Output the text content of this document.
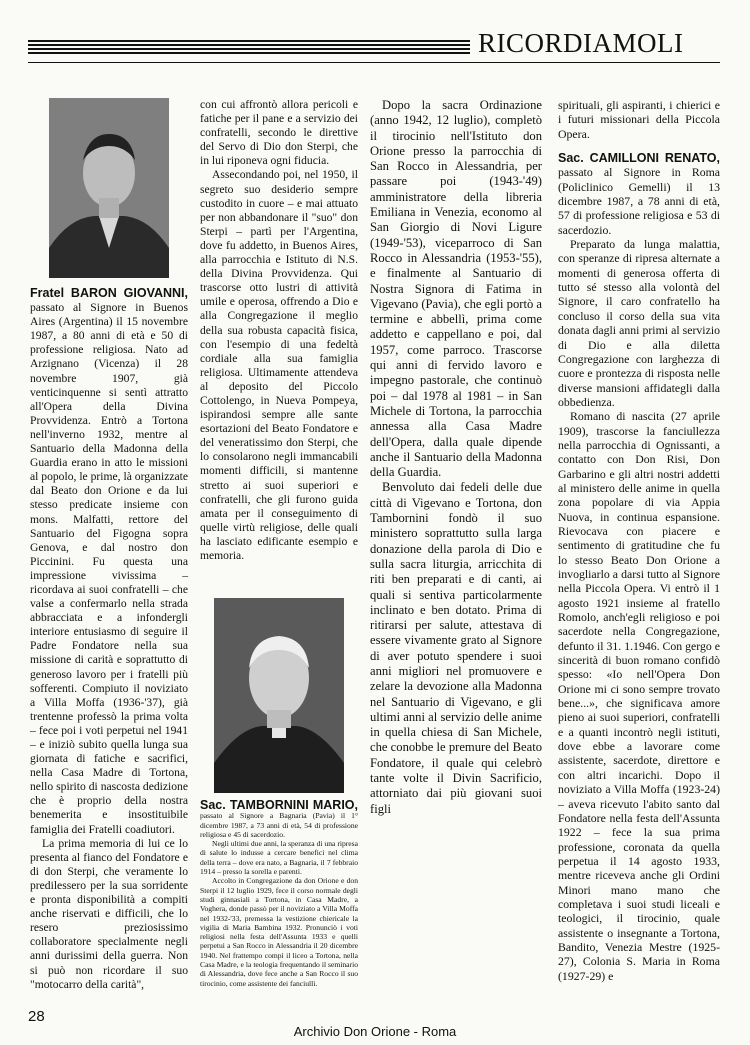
RICORDIAMOLI

Fratel BARON GIOVANNI, passato al Signore in Buenos Aires (Argentina) il 15 novembre 1987, a 80 anni di età e 50 di professione religiosa. Nato ad Arzignano (Vicenza) il 28 novembre 1907, già venticinquenne si sentì attratto all'Opera della Divina Provvidenza. Entrò a Tortona nell'inverno 1932, mentre al Santuario della Madonna della Guardia erano in atto le missioni al popolo, le prime, là organizzate dal Beato don Orione e da lui stesso predicate insieme con mons. Malfatti, rettore del Santuario del Figogna sopra Genova, e dal nostro don Piccinini. Fu questa una impressione vivissima – ricordava ai suoi confratelli – che valse a confermarlo nella strada abbracciata e a infondergli interiore entusiasmo di seguire il Padre Fondatore nella sua missione di carità e soprattutto di generoso lavoro per i fratelli più sofferenti. Compiuto il noviziato a Villa Moffa (1936-'37), già trentenne professò la prima volta – fece poi i voti perpetui nel 1941 – e iniziò subito quella lunga sua giornata di fatiche e sacrifici, nella Casa Madre di Tortona, nello spirito di nascosta dedizione che è proprio della nostra benemerita e insostituibile famiglia dei Fratelli coadiutori.

La prima memoria di lui ce lo presenta al fianco del Fondatore e di don Sterpi, che veramente lo predilessero per la sua sorridente e pronta disponibilità a compiti anche riservati e difficili, che lo resero preziosissimo collaboratore specialmente negli anni durissimi della guerra. Non si può non ricordare il suo "motocarro della carità",

con cui affrontò allora pericoli e fatiche per il pane e a servizio dei confratelli, secondo le direttive del Servo di Dio don Sterpi, che in lui riponeva ogni fiducia.

Assecondando poi, nel 1950, il segreto suo desiderio sempre custodito in cuore – e mai attuato per non abbandonare il "suo" don Sterpi – partì per l'Argentina, dove fu addetto, in Buenos Aires, alla parrocchia e Istituto di N.S. della Divina Provvidenza. Qui trascorse otto lustri di attività umile e operosa, offrendo a Dio e alla Congregazione il meglio della sua robusta capacità fisica, con l'esempio di una fedeltà cordiale alla sua famiglia religiosa. Ultimamente attendeva al deposito del Piccolo Cottolengo, in Nueva Pompeya, ispirandosi sempre alle sante esortazioni del Beato Fondatore e del veneratissimo don Sterpi, che lo consolarono negli immancabili momenti difficili, si mantenne stretto ai suoi superiori e confratelli, che gli furono guida amata per il conseguimento di quelle virtù religiose, delle quali ha lasciato edificante esempio e memoria.

Sac. TAMBORNINI MARIO, passato al Signore a Bagnaria (Pavia) il 1° dicembre 1987, a 73 anni di età, 54 di professione religiosa e 45 di sacerdozio.

Negli ultimi due anni, la speranza di una ripresa di salute lo indusse a cercare benefici nel clima della terra – dove era nato, a Bagnaria, il 7 febbraio 1914 – presso la sorella e parenti.

Accolto in Congregazione da don Orione e don Sterpi il 12 luglio 1929, fece il corso normale degli studi ginnasiali a Tortona, in Casa Madre, a Voghera, donde passò per il noviziato a Villa Moffa nel 1932-'33, premessa la vestizione chiericale la vigilia di Maria Bambina 1932. Pronunciò i voti religiosi nella festa dell'Assunta 1933 e quelli perpetui a San Rocco in Alessandria il 20 dicembre 1940. Nel frattempo compì il liceo a Tortona, nella Casa Madre, e la teologia frequentando il seminario di Alessandria, dove fece anche a San Rocco il suo tirocinio, come assistente dei fanciulli.

Dopo la sacra Ordinazione (anno 1942, 12 luglio), completò il tirocinio nell'Istituto don Orione presso la parrocchia di San Rocco in Alessandria, per passare poi (1943-'49) amministratore della libreria Emiliana in Venezia, economo al San Giorgio di Novi Ligure (1949-'53), viceparroco di San Rocco in Alessandria (1953-'55), e finalmente al Santuario di Nostra Signora di Fatima in Vigevano (Pavia), che egli portò a termine e abbellì, prima come addetto e cappellano e poi, dal 1957, come parroco. Trascorse qui anni di fervido lavoro e impegno pastorale, che continuò poi – dal 1978 al 1981 – in San Michele di Tortona, la parrocchia annessa alla Casa Madre dell'Opera, dalla quale dipende anche il Santuario della Madonna della Guardia.

Benvoluto dai fedeli delle due città di Vigevano e Tortona, don Tambornini fondò il suo ministero soprattutto sulla larga donazione della parola di Dio e sulla sacra liturgia, arricchita di riti ben preparati e di canti, ai quali si sentiva particolarmente inclinato e ben dotato. Prima di ritirarsi per salute, attestava di essere vivamente grato al Signore di aver potuto spendere i suoi anni migliori nel promuovere e zelare la devozione alla Madonna nel Santuario di Vigevano, e gli ultimi anni al servizio delle anime in quella chiesa di San Michele, che conobbe le premure del Beato Fondatore, il quale qui celebrò tante volte il Divin Sacrificio, attorniato dai più giovani suoi figli

spirituali, gli aspiranti, i chierici e i futuri missionari della Piccola Opera.

Sac. CAMILLONI RENATO, passato al Signore in Roma (Policlinico Gemelli) il 13 dicembre 1987, a 78 anni di età, 57 di professione religiosa e 53 di sacerdozio.

Preparato da lunga malattia, con speranze di ripresa alternate a momenti di generosa offerta di tutto sé stesso alla volontà del Signore, il caro confratello ha concluso il corso della sua vita donata dagli anni primi al servizio di Dio e alla diletta Congregazione con larghezza di cuore e prontezza di risposta nelle diverse mansioni affidategli dalla obbedienza.

Romano di nascita (27 aprile 1909), trascorse la fanciullezza nella parrocchia di Ognissanti, a contatto con Don Risi, Don Garbarino e gli altri nostri addetti al ministero delle anime in quella zona popolare di via Appia Nuova, in continua espansione. Rievocava con piacere e sentimento di gratitudine che fu lo stesso Beato Don Orione a invogliarlo a darsi tutto al Signore nella Piccola Opera. Vi entrò il 1 agosto 1921 insieme al fratello Romolo, anch'egli religioso e poi sacerdote nella Congregazione, defunto il 31. 1.1946. Con gergo e sincerità di buon romano confidò spesso: «Io nell'Opera Don Orione mi ci sono sempre trovato bene...», che significava amore pieno ai suoi superiori, confratelli e a quanti incontrò negli istituti, dove ebbe a lavorare come assistente, sacerdote, direttore e con altri incarichi. Dopo il noviziato a Villa Moffa (1923-24) – aveva ricevuto l'abito santo dal Fondatore nella festa dell'Assunta 1922 – fece la sua prima professione, coronata da quella perpetua il 14 agosto 1933, mentre riceveva anche gli Ordini Minori mano mano che completava i suoi studi liceali e teologici, il tirocinio, quale assistente o insegnante a Tortona, Bandito, Venezia Mestre (1925-27), Colonia S. Maria in Roma (1927-29) e

28
Archivio Don Orione - Roma
